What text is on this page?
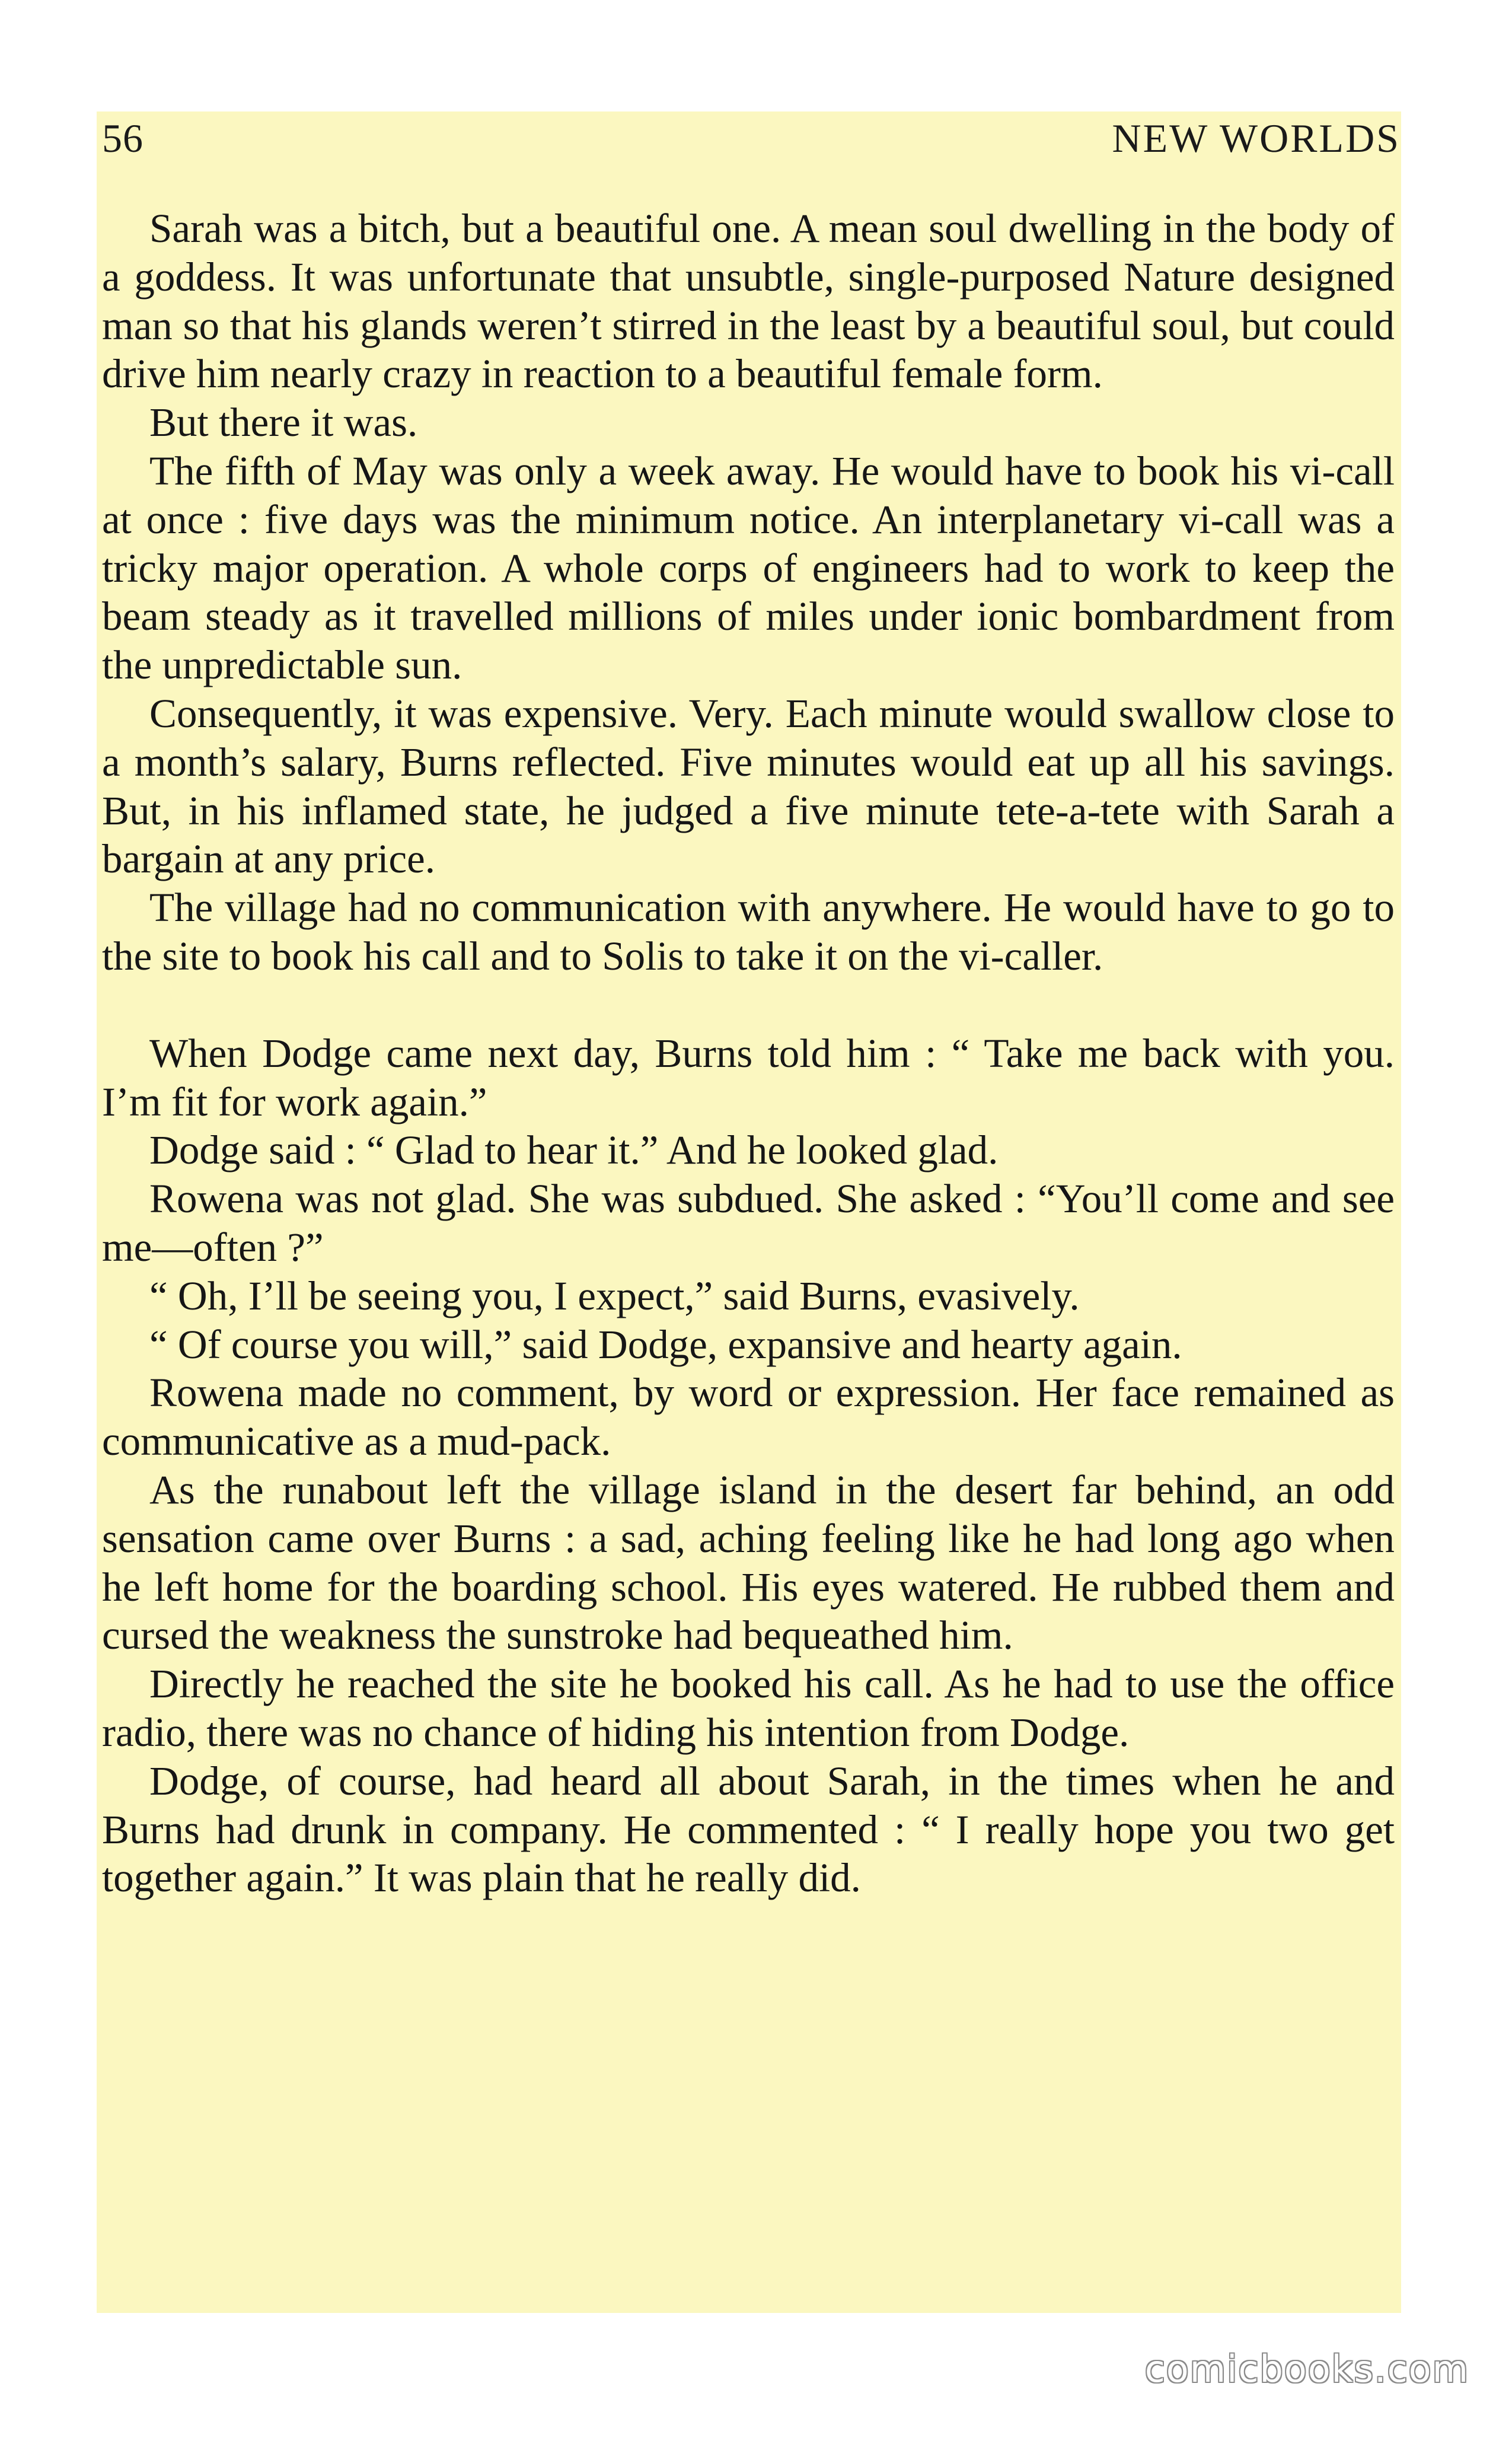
56	NEW WORLDS

Sarah was a bitch, but a beautiful one. A mean soul dwelling in the body of a goddess. It was unfortunate that unsubtle, single-purposed Nature designed man so that his glands weren’t stirred in the least by a beautiful soul, but could drive him nearly crazy in reaction to a beautiful female form.

But there it was.

The fifth of May was only a week away. He would have to book his vi-call at once : five days was the minimum notice. An interplanetary vi-call was a tricky major operation. A whole corps of engineers had to work to keep the beam steady as it travelled millions of miles under ionic bombardment from the unpredictable sun.

Consequently, it was expensive. Very. Each minute would swallow close to a month’s salary, Burns reflected. Five minutes would eat up all his savings. But, in his inflamed state, he judged a five minute tete-a-tete with Sarah a bargain at any price.

The village had no communication with anywhere. He would have to go to the site to book his call and to Solis to take it on the vi-caller.

When Dodge came next day, Burns told him : “ Take me back with you. I’m fit for work again.”

Dodge said : “ Glad to hear it.” And he looked glad.

Rowena was not glad. She was subdued. She asked : “You’ll come and see me—often ?”

“ Oh, I’ll be seeing you, I expect,” said Burns, evasively.

“ Of course you will,” said Dodge, expansive and hearty again.

Rowena made no comment, by word or expression. Her face remained as communicative as a mud-pack.

As the runabout left the village island in the desert far behind, an odd sensation came over Burns : a sad, aching feeling like he had long ago when he left home for the boarding school. His eyes watered. He rubbed them and cursed the weakness the sunstroke had bequeathed him.

Directly he reached the site he booked his call. As he had to use the office radio, there was no chance of hiding his intention from Dodge.

Dodge, of course, had heard all about Sarah, in the times when he and Burns had drunk in company. He commented : “ I really hope you two get together again.” It was plain that he really did.

comicbooks.com
